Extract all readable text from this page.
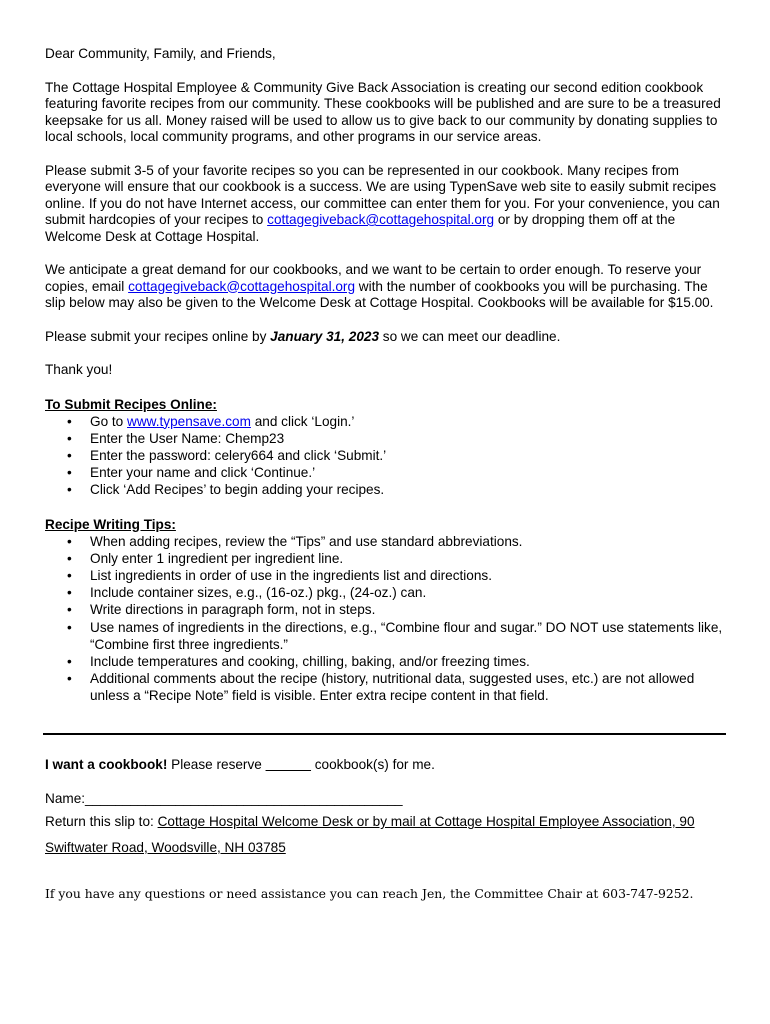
Dear Community, Family, and Friends,

The Cottage Hospital Employee & Community Give Back Association is creating our second edition cookbook featuring favorite recipes from our community. These cookbooks will be published and are sure to be a treasured keepsake for us all. Money raised will be used to allow us to give back to our community by donating supplies to local schools, local community programs, and other programs in our service areas.

Please submit 3-5 of your favorite recipes so you can be represented in our cookbook. Many recipes from everyone will ensure that our cookbook is a success. We are using TypenSave web site to easily submit recipes online. If you do not have Internet access, our committee can enter them for you. For your convenience, you can submit hardcopies of your recipes to cottagegiveback@cottagehospital.org or by dropping them off at the Welcome Desk at Cottage Hospital.

We anticipate a great demand for our cookbooks, and we want to be certain to order enough. To reserve your copies, email cottagegiveback@cottagehospital.org with the number of cookbooks you will be purchasing. The slip below may also be given to the Welcome Desk at Cottage Hospital. Cookbooks will be available for $15.00.

Please submit your recipes online by January 31, 2023 so we can meet our deadline.

Thank you!

To Submit Recipes Online:

• Go to www.typensave.com and click ‘Login.’
• Enter the User Name: Chemp23
• Enter the password: celery664 and click ‘Submit.’
• Enter your name and click ‘Continue.’
• Click ‘Add Recipes’ to begin adding your recipes.

Recipe Writing Tips:

• When adding recipes, review the “Tips” and use standard abbreviations.
• Only enter 1 ingredient per ingredient line.
• List ingredients in order of use in the ingredients list and directions.
• Include container sizes, e.g., (16-oz.) pkg., (24-oz.) can.
• Write directions in paragraph form, not in steps.
• Use names of ingredients in the directions, e.g., “Combine flour and sugar.” DO NOT use statements like, “Combine first three ingredients.”
• Include temperatures and cooking, chilling, baking, and/or freezing times.
• Additional comments about the recipe (history, nutritional data, suggested uses, etc.) are not allowed unless a “Recipe Note” field is visible. Enter extra recipe content in that field.
I want a cookbook! Please reserve ______ cookbook(s) for me.
Name:__________________________________________
Return this slip to: Cottage Hospital Welcome Desk or by mail at Cottage Hospital Employee Association, 90
Swiftwater Road, Woodsville, NH 03785
If you have any questions or need assistance you can reach Jen, the Committee Chair at 603-747-9252.
